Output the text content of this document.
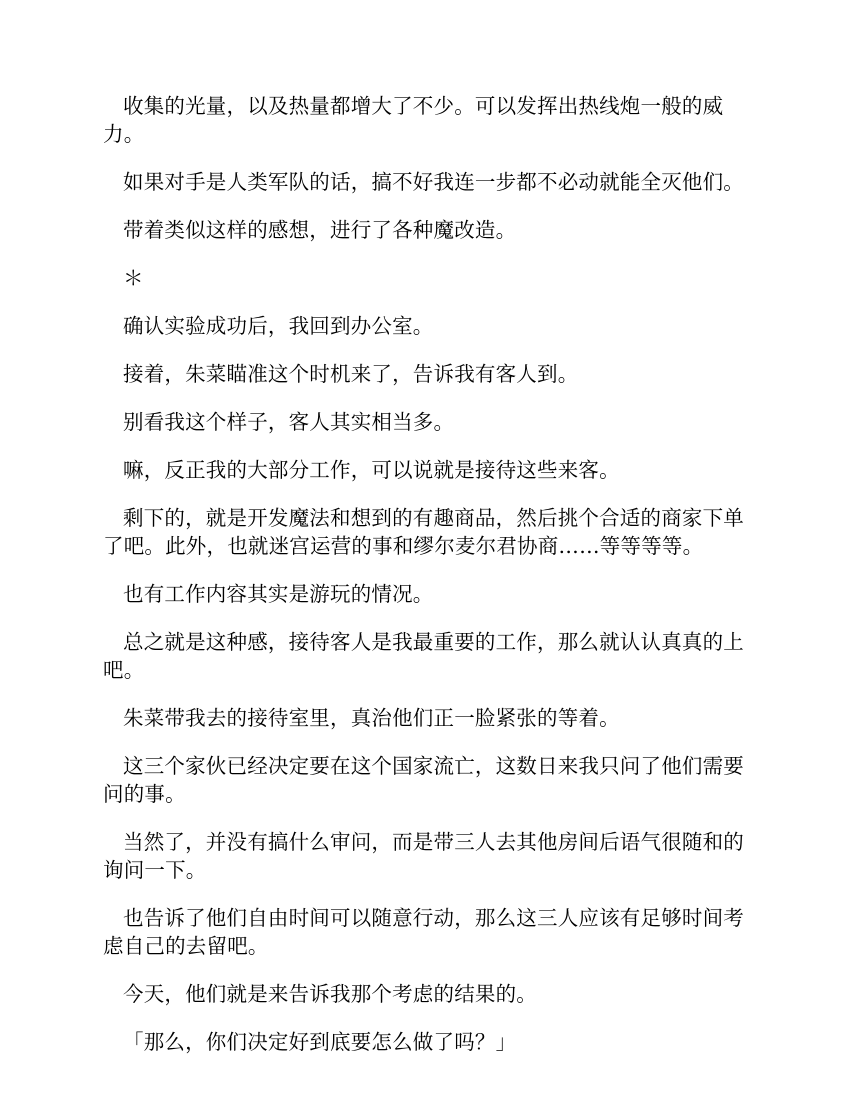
收集的光量，以及热量都增大了不少。可以发挥出热线炮一般的威力。

如果对手是人类军队的话，搞不好我连一步都不必动就能全灭他们。

带着类似这样的感想，进行了各种魔改造。

＊

确认实验成功后，我回到办公室。

接着，朱菜瞄准这个时机来了，告诉我有客人到。

别看我这个样子，客人其实相当多。

嘛，反正我的大部分工作，可以说就是接待这些来客。

剩下的，就是开发魔法和想到的有趣商品，然后挑个合适的商家下单了吧。此外，也就迷宫运营的事和缪尔麦尔君协商……等等等等。

也有工作内容其实是游玩的情况。

总之就是这种感，接待客人是我最重要的工作，那么就认认真真的上吧。

朱菜带我去的接待室里，真治他们正一脸紧张的等着。

这三个家伙已经决定要在这个国家流亡，这数日来我只问了他们需要问的事。

当然了，并没有搞什么审问，而是带三人去其他房间后语气很随和的询问一下。

也告诉了他们自由时间可以随意行动，那么这三人应该有足够时间考虑自己的去留吧。

今天，他们就是来告诉我那个考虑的结果的。

「那么，你们决定好到底要怎么做了吗？」
